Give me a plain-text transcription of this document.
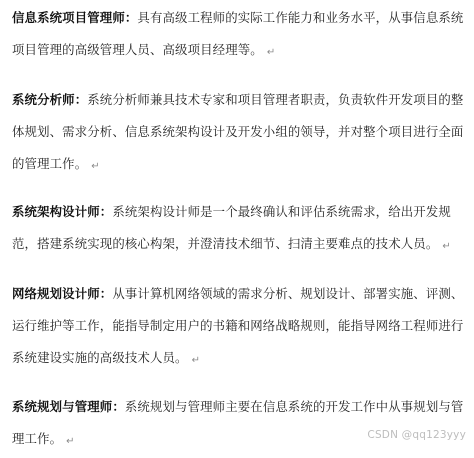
信息系统项目管理师：具有高级工程师的实际工作能力和业务水平，从事信息系统
项目管理的高级管理人员、高级项目经理等。 ↵
系统分析师：系统分析师兼具技术专家和项目管理者职责，负责软件开发项目的整
体规划、需求分析、信息系统架构设计及开发小组的领导，并对整个项目进行全面
的管理工作。 ↵
系统架构设计师：系统架构设计师是一个最终确认和评估系统需求，给出开发规
范，搭建系统实现的核心构架，并澄清技术细节、扫清主要难点的技术人员。 ↵
网络规划设计师：从事计算机网络领域的需求分析、规划设计、部署实施、评测、
运行维护等工作，能指导制定用户的书籍和网络战略规则，能指导网络工程师进行
系统建设实施的高级技术人员。 ↵
系统规划与管理师：系统规划与管理师主要在信息系统的开发工作中从事规划与管
理工作。 ↵
CSDN @qq123yyy
